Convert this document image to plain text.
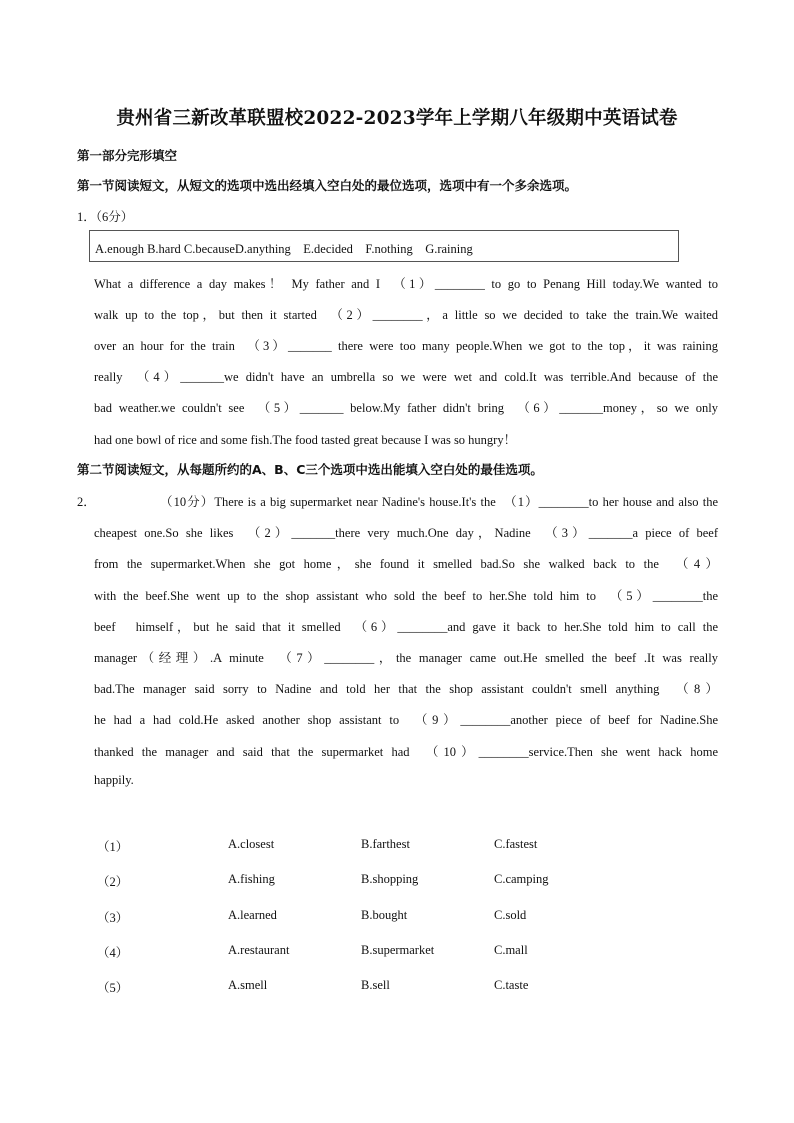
贵州省三新改革联盟校2022-2023学年上学期八年级期中英语试卷
第一部分完形填空
第一节阅读短文，从短文的选项中选出经填入空白处的最位选项，选项中有一个多余选项。
1．（6分）
A.enough B.hard C.becauseD.anything　E.decided　F.nothing　G.raining
What a difference a day makes！ My father and I　（1）________ to go to Penang Hill today.We wanted to
walk up to the top，but then it started　（2）________，a little so we decided to take the train.We waited
over an hour for the train　（3）_______ there were too many people.When we got to the top，it was raining
really　（4）_______we didn't have an umbrella so we were wet and cold.It was terrible.And because of the
bad weather.we couldn't see　（5）_______ below.My father didn't bring　（6）_______money，so we only
had one bowl of rice and some fish.The food tasted great because I was so hungry！
第二节阅读短文，从每题所约的A、B、C三个选项中选出能填入空白处的最佳选项。
2．	（10分）There is a big supermarket near Nadine's house.It's the　（1）________to her house and also the
cheapest one.So she likes　（2）_______there very much.One day，Nadine　（3）_______a piece of beef
from the supermarket.When she got home，she found it smelled bad.So she walked back to the　（4）
with the beef.She went up to the shop assistant who sold the beef to her.She told him to　（5）________the
beef　himself，but he said that it smelled　（6）________and gave it back to her.She told him to call the
manager（经理）.A minute　（7）________，the manager came out.He smelled the beef .It was really
bad.The manager said sorry to Nadine and told her that the shop assistant couldn't smell anything　（8）
he had a had cold.He asked another shop assistant to　（9）________another piece of beef for Nadine.She
thanked the manager and said that the supermarket had　（10）________service.Then she went hack home
happily.
（1）	A.closest	B.farthest	C.fastest
（2）	A.fishing	B.shopping	C.camping
（3）	A.learned	B.bought	C.sold
（4）	A.restaurant	B.supermarket	C.mall
（5）	A.smell	B.sell	C.taste
